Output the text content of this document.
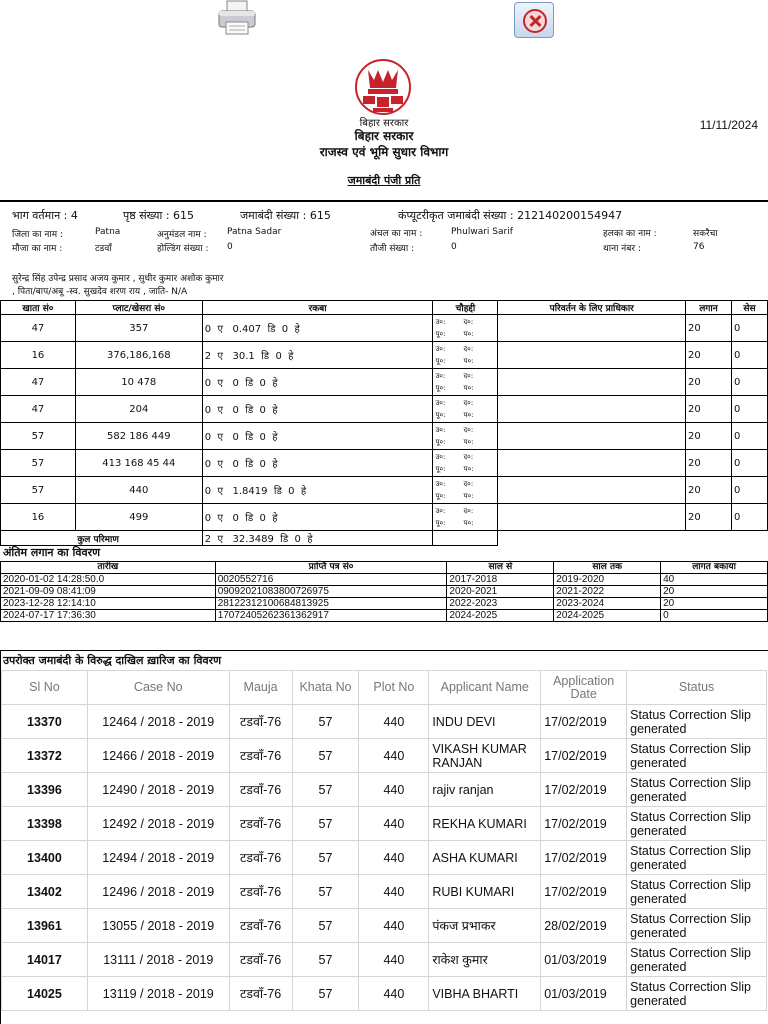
बिहार सरकार
बिहार सरकार
राजस्व एवं भूमि सुधार विभाग
11/11/2024
जमाबंदी पंजी प्रति
भाग वर्तमान : 4	पृष्ठ संख्या : 615	जमाबंदी संख्या : 615	कंप्यूटरीकृत जमाबंदी संख्या : 212140200154947
जिला का नाम :	Patna	अनुमंडल नाम : Patna Sadar	अंचल का नाम :	Phulwari Sarif	हलका का नाम :	सकरैचा
मौजा का नाम :	टडवॉं	होल्डिंग संख्या : 0	तौजी संख्या :	0	थाना नंबर :	76
सुरेन्द्र सिंह उपेन्द्र प्रसाद अजय कुमार , सुधीर कुमार अशोक कुमार
, पिता/बाप/अबू -स्व. सुखदेव शरण राय , जाति- N/A
खाता सं०	प्लाट/खेसरा सं०	रकबा	चौहद्दी	परिवर्तन के लिए प्राधिकार	लगान	सेस
47	357	0  ए   0.407  डि  0  हे	उ०: द०:
पू०: प०:		20	0
16	376,186,168	2  ए   30.1  डि  0  हे	उ०: द०:
पू०: प०:		20	0
47	10 478	0  ए   0  डि  0  हे	उ०: द०:
पू०: प०:		20	0
47	204	0  ए   0  डि  0  हे	उ०: द०:
पू०: प०:		20	0
57	582 186 449	0  ए   0  डि  0  हे	उ०: द०:
पू०: प०:		20	0
57	413 168 45 44	0  ए   0  डि  0  हे	उ०: द०:
पू०: प०:		20	0
57	440	0  ए   1.8419  डि  0  हे	उ०: द०:
पू०: प०:		20	0
16	499	0  ए   0  डि  0  हे	उ०: द०:
पू०: प०:		20	0
	कुल परिमाण	2  ए   32.3489  डि  0  हे				
अंतिम लगान का विवरण
तारीख	प्राप्ति पत्र सं०	साल से	साल तक	लागत बकाया
2020-01-02 14:28:50.0	0020552716	2017-2018	2019-2020	40
2021-09-09 08:41:09	0909202108380072​6975	2020-2021	2021-2022	20
2023-12-28 12:14:10	2812231210068481​3925	2022-2023	2023-2024	20
2024-07-17 17:36:30	1707240526236136​2917	2024-2025	2024-2025	0
उपरोक्त जमाबंदी के विरुद्ध दाखिल ख़ारिज का विवरण
Sl No	Case No	Mauja	Khata No	Plot No	Applicant Name	Application Date	Status
13370	12464 / 2018 - 2019	टडवॉं-76	57	440	INDU DEVI	17/02/2019	Status Correction Slip generated
13372	12466 / 2018 - 2019	टडवॉं-76	57	440	VIKASH KUMAR RANJAN	17/02/2019	Status Correction Slip generated
13396	12490 / 2018 - 2019	टडवॉं-76	57	440	rajiv ranjan	17/02/2019	Status Correction Slip generated
13398	12492 / 2018 - 2019	टडवॉं-76	57	440	REKHA KUMARI	17/02/2019	Status Correction Slip generated
13400	12494 / 2018 - 2019	टडवॉं-76	57	440	ASHA KUMARI	17/02/2019	Status Correction Slip generated
13402	12496 / 2018 - 2019	टडवॉं-76	57	440	RUBI KUMARI	17/02/2019	Status Correction Slip generated
13961	13055 / 2018 - 2019	टडवॉं-76	57	440	पंकज प्रभाकर	28/02/2019	Status Correction Slip generated
14017	13111 / 2018 - 2019	टडवॉं-76	57	440	राकेश कुमार	01/03/2019	Status Correction Slip generated
14025	13119 / 2018 - 2019	टडवॉं-76	57	440	VIBHA BHARTI	01/03/2019	Status Correction Slip generated
